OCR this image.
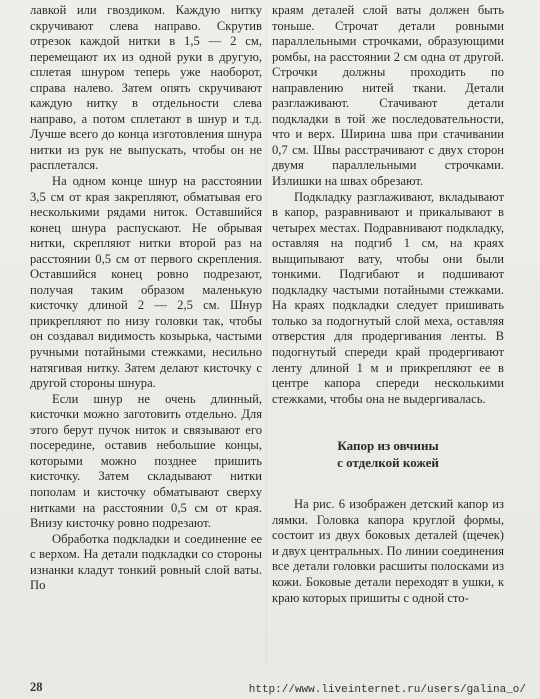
лавкой или гвоздиком. Каждую нитку скручивают слева направо. Скрутив отрезок каждой нитки в 1,5 — 2 см, перемещают их из одной руки в другую, сплетая шнуром теперь уже наоборот, справа налево. Затем опять скручивают каждую нитку в отдельности слева направо, а потом сплетают в шнур и т.д. Лучше всего до конца изготовления шнура нитки из рук не выпускать, чтобы он не расплетался.

На одном конце шнур на расстоянии 3,5 см от края закрепляют, обматывая его несколькими рядами ниток. Оставшийся конец шнура распускают. Не обрывая нитки, скрепляют нитки второй раз на расстоянии 0,5 см от первого скрепления. Оставшийся конец ровно подрезают, получая таким образом маленькую кисточку длиной 2 — 2,5 см. Шнур прикрепляют по низу головки так, чтобы он создавал видимость козырька, частыми ручными потайными стежками, несильно натягивая нитку. Затем делают кисточку с другой стороны шнура.

Если шнур не очень длинный, кисточки можно заготовить отдельно. Для этого берут пучок ниток и связывают его посередине, оставив небольшие концы, которыми можно позднее пришить кисточку. Затем складывают нитки пополам и кисточку обматывают сверху нитками на расстоянии 0,5 см от края. Внизу кисточку ровно подрезают.

Обработка подкладки и соединение ее с верхом. На детали подкладки со стороны изнанки кладут тонкий ровный слой ваты. По

краям деталей слой ваты должен быть тоньше. Строчат детали ровными параллельными строчками, образующими ромбы, на расстоянии 2 см одна от другой. Строчки должны проходить по направлению нитей ткани. Детали разглаживают. Стачивают детали подкладки в той же последовательности, что и верх. Ширина шва при стачивании 0,7 см. Швы расстрачивают с двух сторон двумя параллельными строчками. Излишки на швах обрезают.

Подкладку разглаживают, вкладывают в капор, разравнивают и прикалывают в четырех местах. Подравнивают подкладку, оставляя на подгиб 1 см, на краях выщипывают вату, чтобы они были тонкими. Подгибают и подшивают подкладку частыми потайными стежками. На краях подкладки следует пришивать только за подогнутый слой меха, оставляя отверстия для продергивания ленты. В подогнутый спереди край продергивают ленту длиной 1 м и прикрепляют ее в центре капора спереди несколькими стежками, чтобы она не выдергивалась.

Капор из овчины
с отделкой кожей

На рис. 6 изображен детский капор из лямки. Головка капора круглой формы, состоит из двух боковых деталей (щечек) и двух центральных. По линии соединения все детали головки расшиты полосками из кожи. Боковые детали переходят в ушки, к краю которых пришиты с одной сто-

28	http://www.liveinternet.ru/users/galina_o/
